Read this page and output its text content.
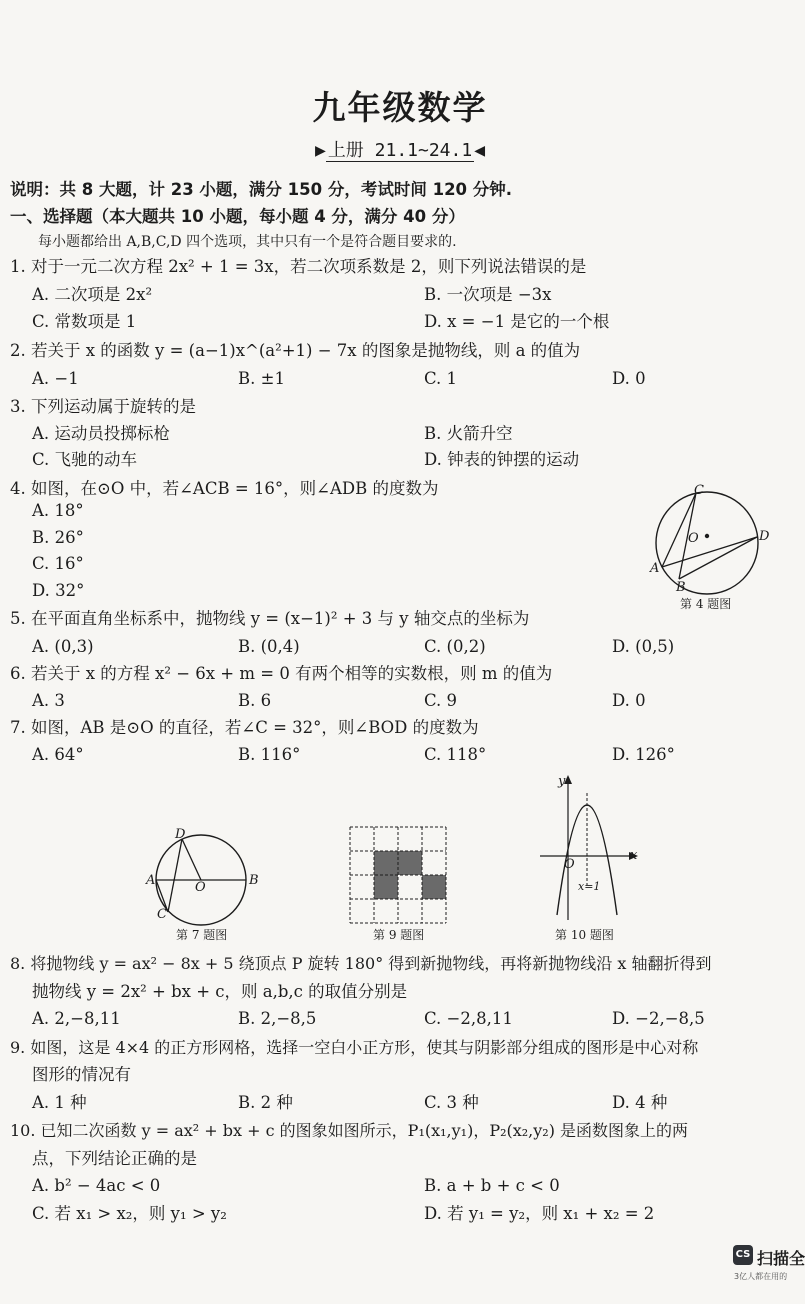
九年级数学
▶ 上册 21.1~24.1 ◀
说明：共 8 大题，计 23 小题，满分 150 分，考试时间 120 分钟.
一、选择题（本大题共 10 小题，每小题 4 分，满分 40 分）
每小题都给出 A,B,C,D 四个选项，其中只有一个是符合题目要求的.
1. 对于一元二次方程 2x² + 1 = 3x，若二次项系数是 2，则下列说法错误的是
A. 二次项是 2x²	B. 一次项是 −3x
C. 常数项是 1	D. x = −1 是它的一个根
2. 若关于 x 的函数 y = (a−1)x^(a²+1) − 7x 的图象是抛物线，则 a 的值为
A. −1	B. ±1	C. 1	D. 0
3. 下列运动属于旋转的是
A. 运动员投掷标枪	B. 火箭升空
C. 飞驰的动车	D. 钟表的钟摆的运动
4. 如图，在⊙O 中，若∠ACB = 16°，则∠ADB 的度数为
A. 18°
B. 26°
C. 16°
D. 32°
C
D
O
A
B
第 4 题图
5. 在平面直角坐标系中，抛物线 y = (x−1)² + 3 与 y 轴交点的坐标为
A. (0,3)	B. (0,4)	C. (0,2)	D. (0,5)
6. 若关于 x 的方程 x² − 6x + m = 0 有两个相等的实数根，则 m 的值为
A. 3	B. 6	C. 9	D. 0
7. 如图，AB 是⊙O 的直径，若∠C = 32°，则∠BOD 的度数为
A. 64°	B. 116°	C. 118°	D. 126°
D
A	O	B
C
第 7 题图	第 9 题图
y
x
O
x=1
第 10 题图
8. 将抛物线 y = ax² − 8x + 5 绕顶点 P 旋转 180° 得到新抛物线，再将新抛物线沿 x 轴翻折得到
抛物线 y = 2x² + bx + c，则 a,b,c 的取值分别是
A. 2,−8,11	B. 2,−8,5	C. −2,8,11	D. −2,−8,5
9. 如图，这是 4×4 的正方形网格，选择一空白小正方形，使其与阴影部分组成的图形是中心对称
图形的情况有
A. 1 种	B. 2 种	C. 3 种	D. 4 种
10. 已知二次函数 y = ax² + bx + c 的图象如图所示，P₁(x₁,y₁)，P₂(x₂,y₂) 是函数图象上的两
点，下列结论正确的是
A. b² − 4ac < 0	B. a + b + c < 0
C. 若 x₁ > x₂，则 y₁ > y₂	D. 若 y₁ = y₂，则 x₁ + x₂ = 2
CS 扫描全
3亿人都在用的
